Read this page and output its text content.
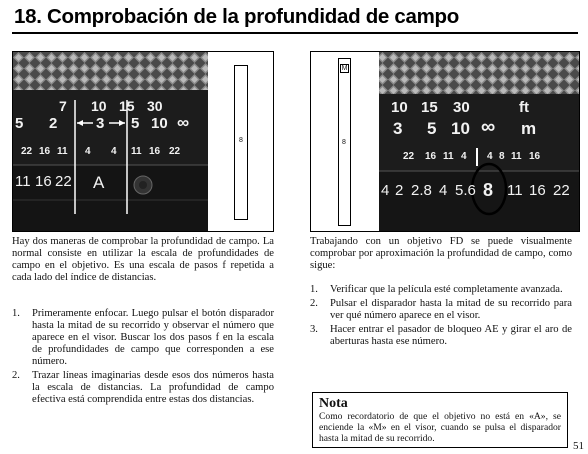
18. Comprobación de la profundidad de campo
7 10 15 30
5 2	3 5 10 ∞
22 16 11 4 4 11 16 22
11 16 22 A
8
M
8
10 15 30	ft
3 5 10 ∞ m
22 16 11 4 4 8 11 16
4 2 2.8 4 5.6 8 11 16 22
Hay dos maneras de comprobar la profundidad de campo. La normal consiste en utilizar la escala de profundidades de campo en el objetivo. Es una escala de pasos f repetida a cada lado del índice de distancias.
1. Primeramente enfocar. Luego pulsar el botón disparador hasta la mitad de su recorrido y observar el número que aparece en el visor. Buscar los dos pasos f en la escala de profundidades de campo que corresponden a ese número.
2. Trazar líneas imaginarias desde esos dos números hasta la escala de distancias. La profundidad de campo efectiva está comprendida entre estas dos distancias.
Trabajando con un objetivo FD se puede visualmente comprobar por aproximación la profundidad de campo, como sigue:
1. Verificar que la película esté completamente avanzada.
2. Pulsar el disparador hasta la mitad de su recorrido para ver qué número aparece en el visor.
3. Hacer entrar el pasador de bloqueo AE y girar el aro de aberturas hasta ese número.
Nota
Como recordatorio de que el objetivo no está en «A», se enciende la «M» en el visor, cuando se pulsa el disparador hasta la mitad de su recorrido.
51
